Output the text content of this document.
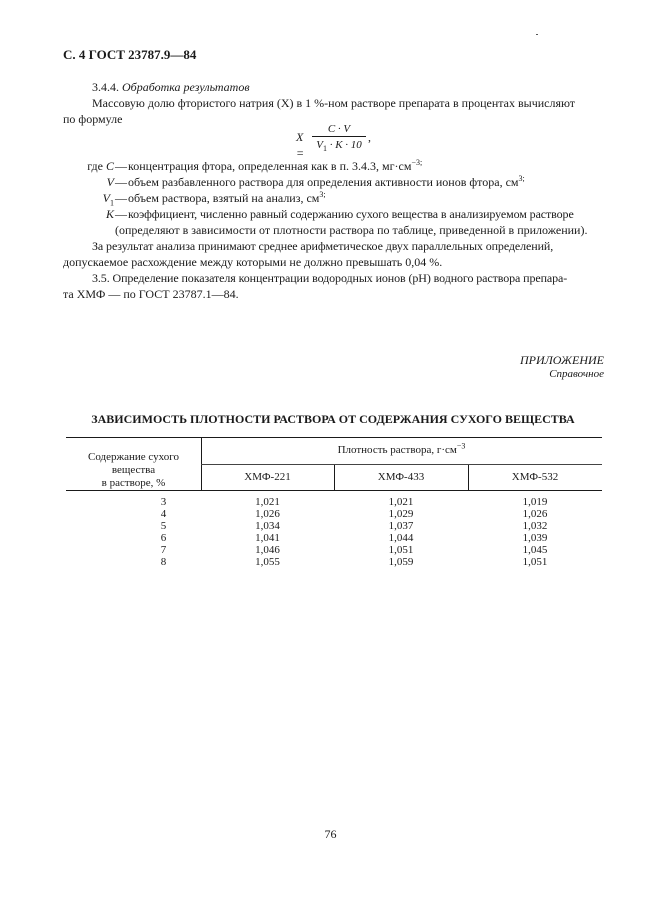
С. 4 ГОСТ 23787.9—84
3.4.4. Обработка результатов
Массовую долю фтористого натрия (X) в 1 %-ном растворе препарата в процентах вычисляют
по формуле
X =
C · V
$V_1 \cdot K \cdot 10$
,
где C — концентрация фтора, определенная как в п. 3.4.3, $мг\cdot см^{-3;}$
V — объем разбавленного раствора для определения активности ионов фтора, $см^{3;}$
$V_1$ — объем раствора, взятый на анализ, $см^{3;}$
K — коэффициент, численно равный содержанию сухого вещества в анализируемом растворе
(определяют в зависимости от плотности раствора по таблице, приведенной в приложении).
За результат анализа принимают среднее арифметическое двух параллельных определений,
допускаемое расхождение между которыми не должно превышать 0,04 %.
3.5. Определение показателя концентрации водородных ионов (pH) водного раствора препара-
та ХМФ — по ГОСТ 23787.1—84.
ПРИЛОЖЕНИЕ
Справочное
ЗАВИСИМОСТЬ ПЛОТНОСТИ РАСТВОРА ОТ СОДЕРЖАНИЯ СУХОГО ВЕЩЕСТВА
Содержание сухого вещества
в растворе, %
Плотность раствора, $г\cdot см^{-3}$
ХМФ-221	ХМФ-433	ХМФ-532
3	1,021	1,021	1,019
4	1,026	1,029	1,026
5	1,034	1,037	1,032
6	1,041	1,044	1,039
7	1,046	1,051	1,045
8	1,055	1,059	1,051
76
